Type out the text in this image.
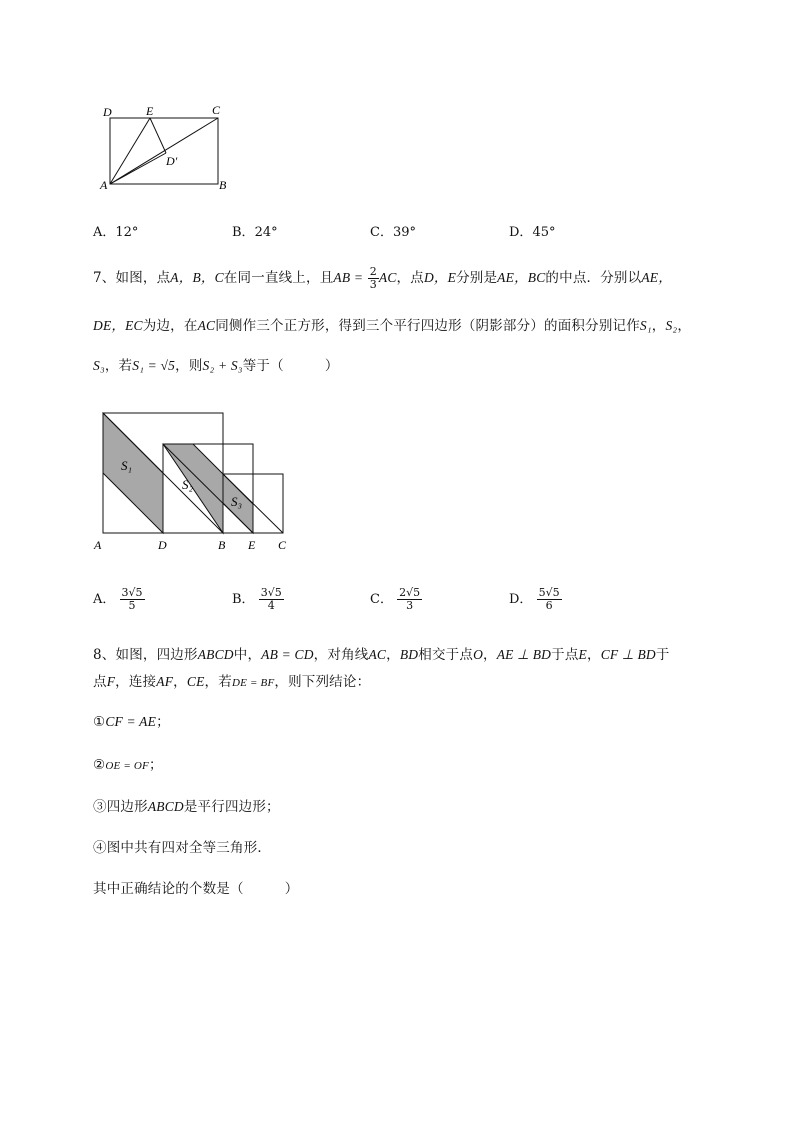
D	E	C
D'
A	B
A．12°	B．24°	C．39°	D．45°
7、如图，点A，B，C在同一直线上，且AB = $\frac{2}{3}$ AC，点D，E分别是AE，BC的中点．分别以AE，
DE，EC为边，在AC同侧作三个正方形，得到三个平行四边形（阴影部分）的面积分别记作S₁，S₂，
S₃，若S₁ = √5，则S₂ + S₃等于（　　　）
S₁
S₂
S₃
A	D	B E C
A． $\frac{3√5}{5}$	B． $\frac{3√5}{4}$	C． $\frac{2√5}{3}$	D． $\frac{5√5}{6}$
8、如图，四边形ABCD中，AB = CD，对角线AC，BD相交于点O，AE ⊥ BD于点E，CF ⊥ BD于
点F，连接AF，CE，若DE = BF，则下列结论：
①CF = AE；
②OE = OF；
③四边形ABCD是平行四边形；
④图中共有四对全等三角形．
其中正确结论的个数是（　　　）
